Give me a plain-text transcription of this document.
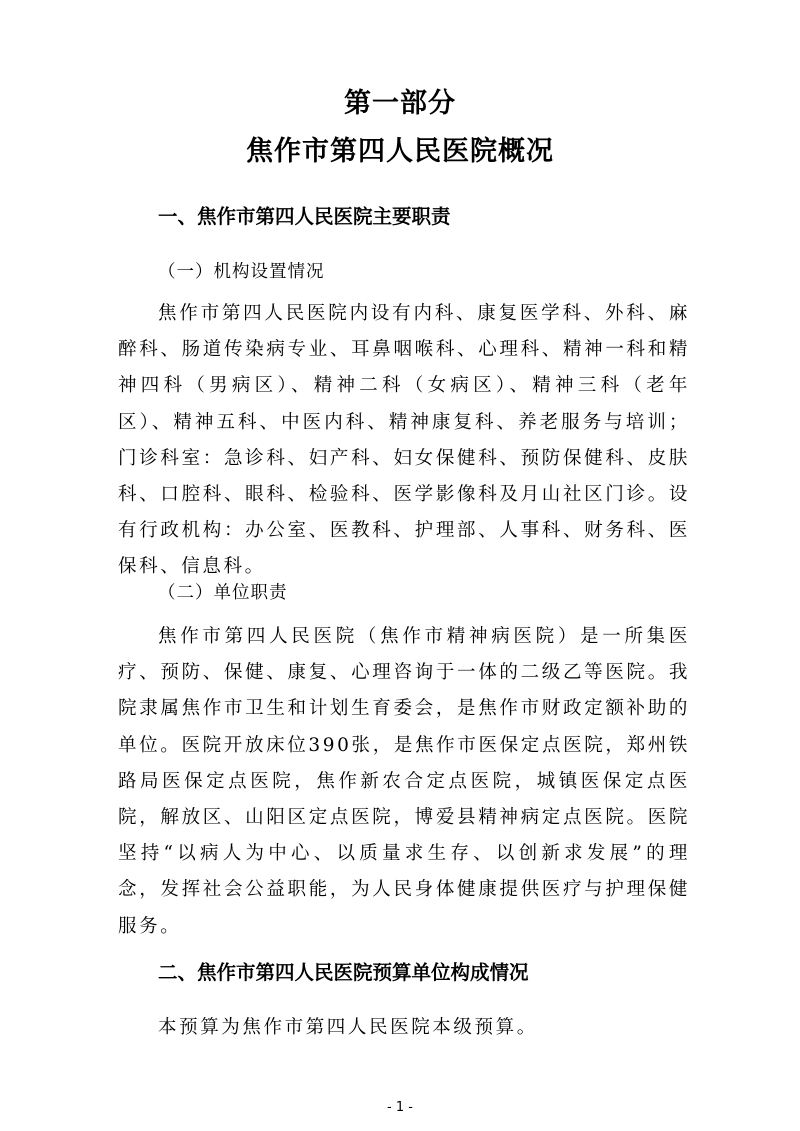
第一部分
焦作市第四人民医院概况
一、焦作市第四人民医院主要职责
（一）机构设置情况
焦作市第四人民医院内设有内科、康复医学科、外科、麻醉科、肠道传染病专业、耳鼻咽喉科、心理科、精神一科和精神四科（男病区）、精神二科（女病区）、精神三科（老年区）、精神五科、中医内科、精神康复科、养老服务与培训；门诊科室：急诊科、妇产科、妇女保健科、预防保健科、皮肤科、口腔科、眼科、检验科、医学影像科及月山社区门诊。设有行政机构：办公室、医教科、护理部、人事科、财务科、医保科、信息科。
（二）单位职责
焦作市第四人民医院（焦作市精神病医院）是一所集医疗、预防、保健、康复、心理咨询于一体的二级乙等医院。我院隶属焦作市卫生和计划生育委会，是焦作市财政定额补助的单位。医院开放床位390张，是焦作市医保定点医院，郑州铁路局医保定点医院，焦作新农合定点医院，城镇医保定点医院，解放区、山阳区定点医院，博爱县精神病定点医院。医院坚持“以病人为中心、以质量求生存、以创新求发展”的理念，发挥社会公益职能，为人民身体健康提供医疗与护理保健服务。
二、焦作市第四人民医院预算单位构成情况
本预算为焦作市第四人民医院本级预算。
- 1 -
